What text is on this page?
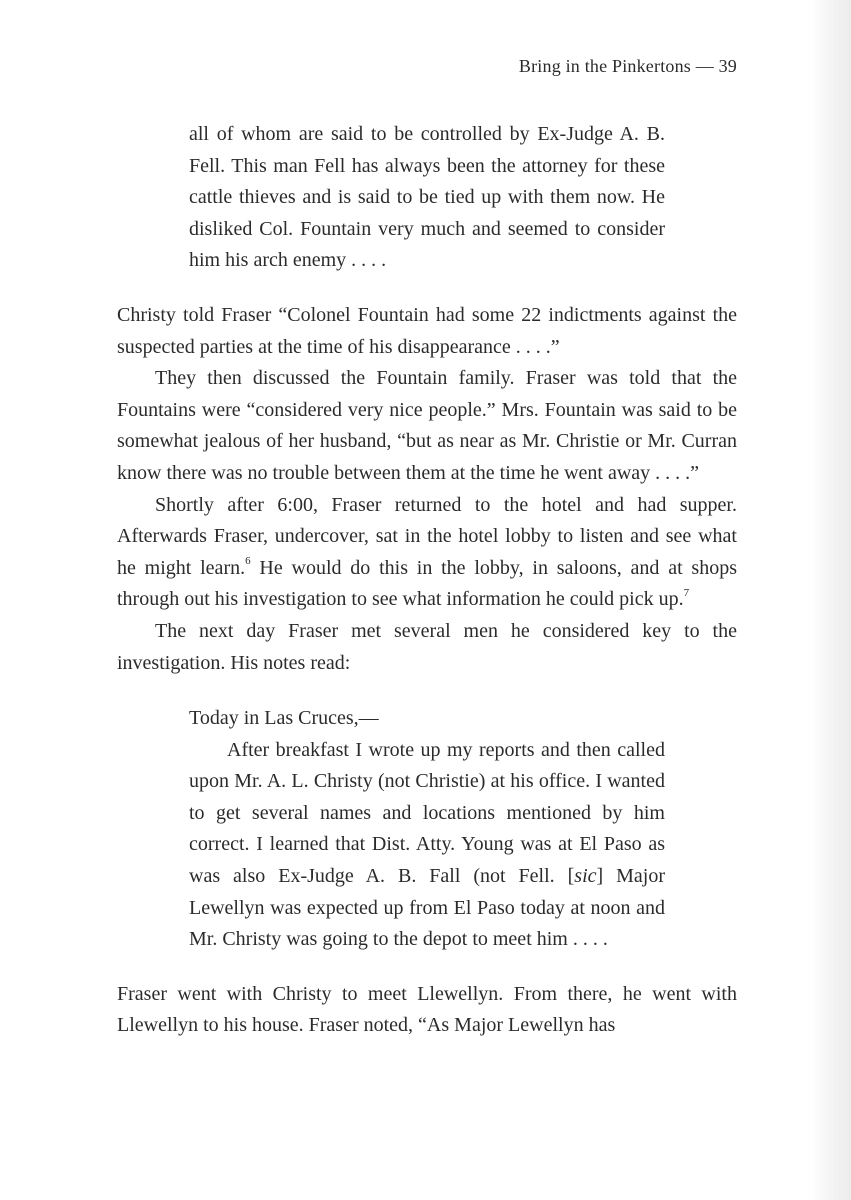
Bring in the Pinkertons — 39

all of whom are said to be controlled by Ex-Judge A. B. Fell. This man Fell has always been the attorney for these cattle thieves and is said to be tied up with them now. He disliked Col. Fountain very much and seemed to consider him his arch enemy . . . .

Christy told Fraser “Colonel Fountain had some 22 indictments against the suspected parties at the time of his disappearance . . . .”

They then discussed the Fountain family. Fraser was told that the Fountains were “considered very nice people.” Mrs. Fountain was said to be somewhat jealous of her husband, “but as near as Mr. Christie or Mr. Curran know there was no trouble between them at the time he went away . . . .”

Shortly after 6:00, Fraser returned to the hotel and had supper. Afterwards Fraser, undercover, sat in the hotel lobby to listen and see what he might learn.$^6$ He would do this in the lobby, in saloons, and at shops through out his investigation to see what information he could pick up.$^7$

The next day Fraser met several men he considered key to the investigation. His notes read:

Today in Las Cruces,—

After breakfast I wrote up my reports and then called upon Mr. A. L. Christy (not Christie) at his office. I wanted to get several names and locations mentioned by him correct. I learned that Dist. Atty. Young was at El Paso as was also Ex-Judge A. B. Fall (not Fell. [sic] Major Lewellyn was expected up from El Paso today at noon and Mr. Christy was going to the depot to meet him . . . .

Fraser went with Christy to meet Llewellyn. From there, he went with Llewellyn to his house. Fraser noted, “As Major Lewellyn has
